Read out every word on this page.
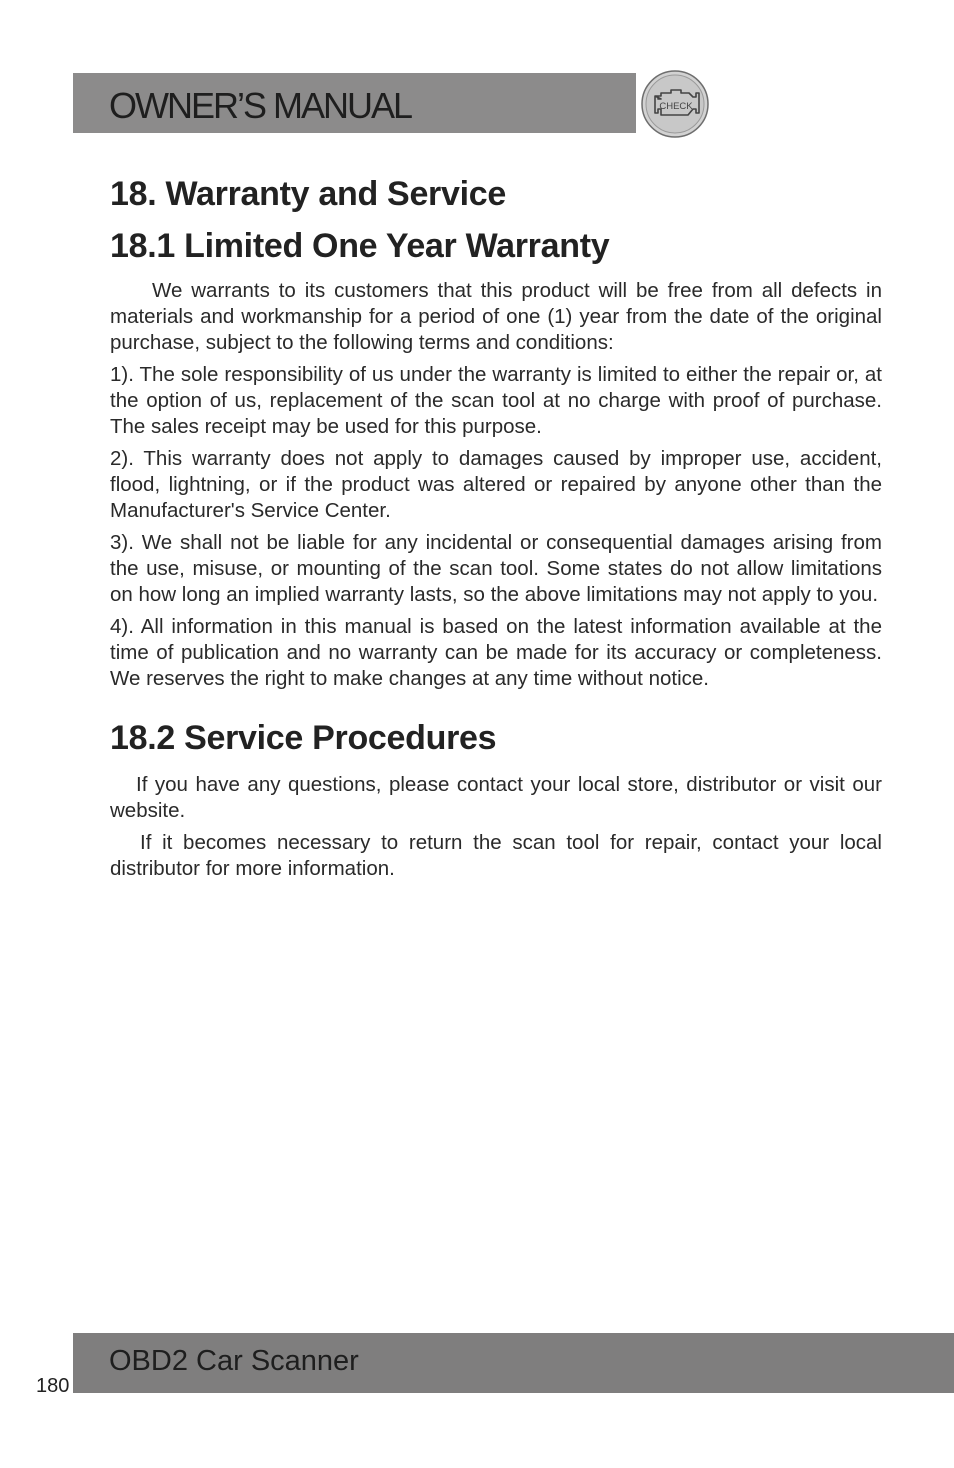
OWNER’S MANUAL	CHECK
18. Warranty and Service
18.1 Limited One Year Warranty

We warrants to its customers that this product will be free from all defects in materials and workmanship for a period of one (1) year from the date of the original purchase, subject to the following terms and conditions:

1). The sole responsibility of us under the warranty is limited to either the repair or, at the option of us, replacement of the scan tool at no charge with proof of purchase. The sales receipt may be used for this purpose.

2). This warranty does not apply to damages caused by improper use, accident, flood, lightning, or if the product was altered or repaired by anyone other than the Manufacturer's Service Center.

3). We shall not be liable for any incidental or consequential damages arising from the use, misuse, or mounting of the scan tool. Some states do not allow limitations on how long an implied warranty lasts, so the above limitations may not apply to you.

4). All information in this manual is based on the latest information available at the time of publication and no warranty can be made for its accuracy or completeness. We reserves the right to make changes at any time without notice.

18.2 Service Procedures

If you have any questions, please contact your local store, distributor or visit our website.

If it becomes necessary to return the scan tool for repair, contact your local distributor for more information.

OBD2 Car Scanner
180
